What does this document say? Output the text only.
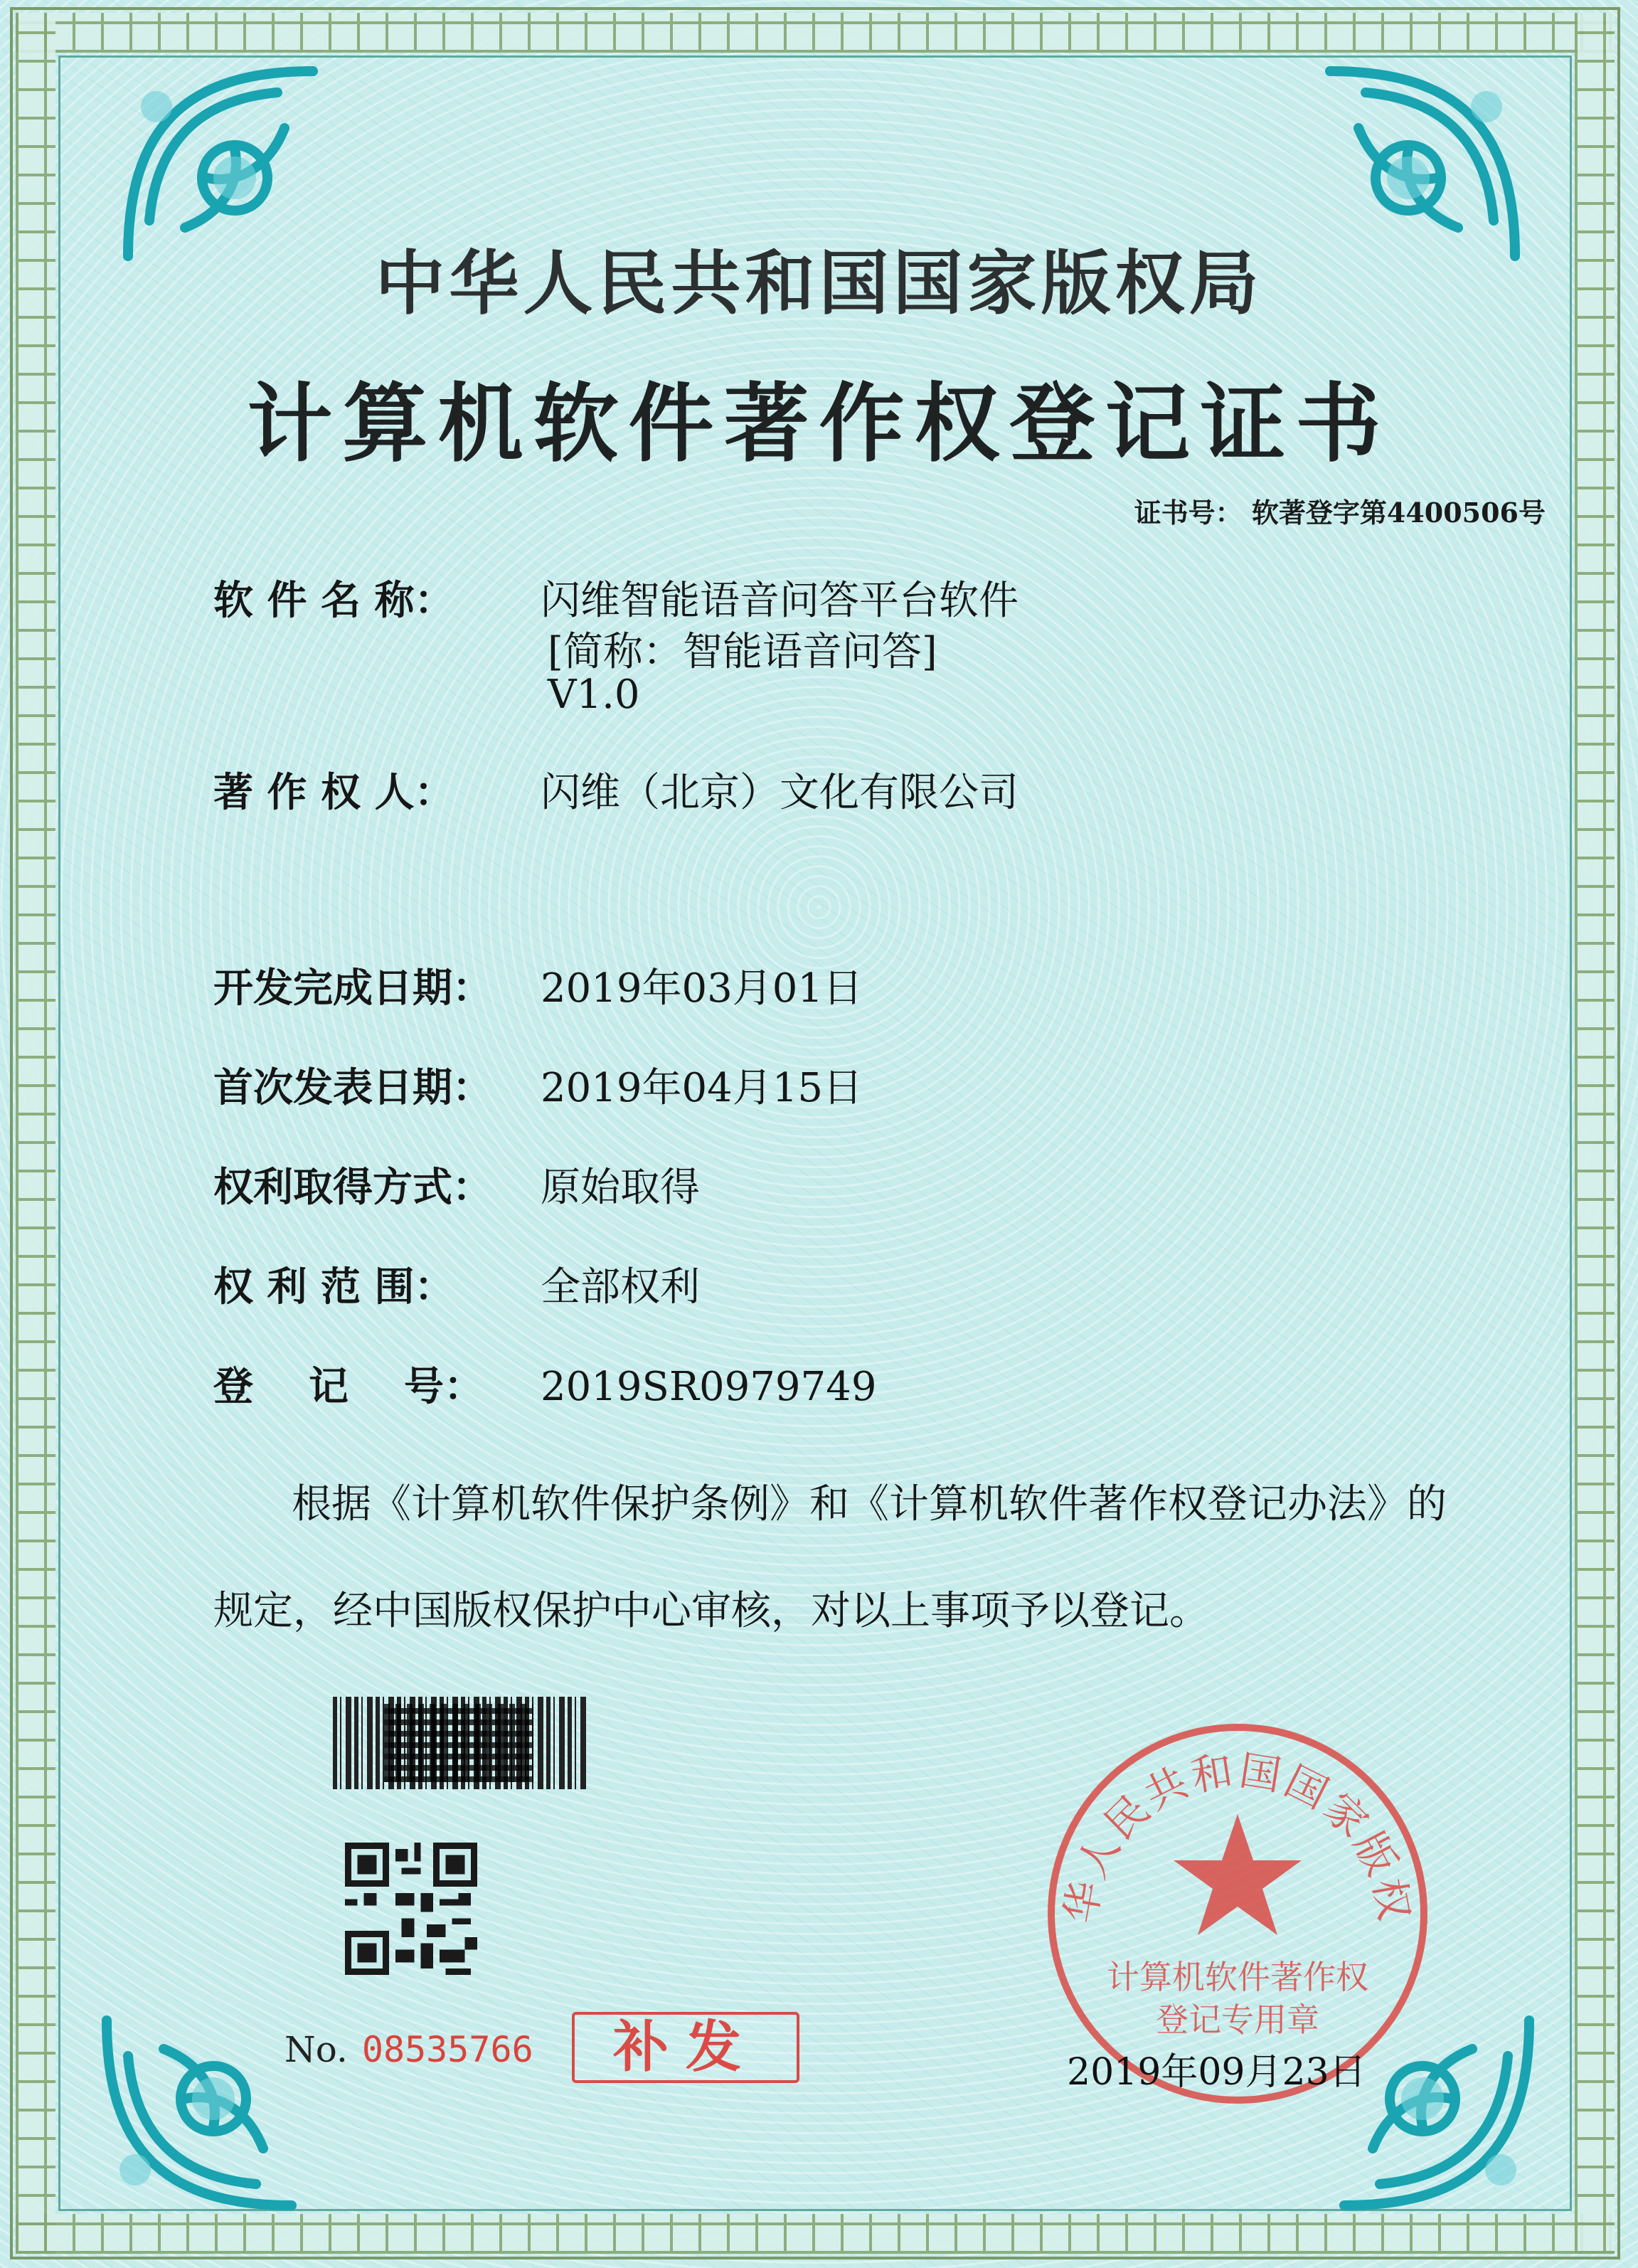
中华人民共和国国家版权局
计算机软件著作权登记证书
证书号： 软著登字第4400506号
软 件 名 称： 闪维智能语音问答平台软件
[简称：智能语音问答]
V1.0
著 作 权 人： 闪维（北京）文化有限公司
开发完成日期： 2019年03月01日
首次发表日期： 2019年04月15日
权利取得方式： 原始取得
权 利 范 围： 全部权利
登    记    号： 2019SR0979749
根据《计算机软件保护条例》和《计算机软件著作权登记办法》的
规定，经中国版权保护中心审核，对以上事项予以登记。
No. 08535766	补发
华人民共和国国家版权
计算机软件著作权
登记专用章
2019年09月23日
